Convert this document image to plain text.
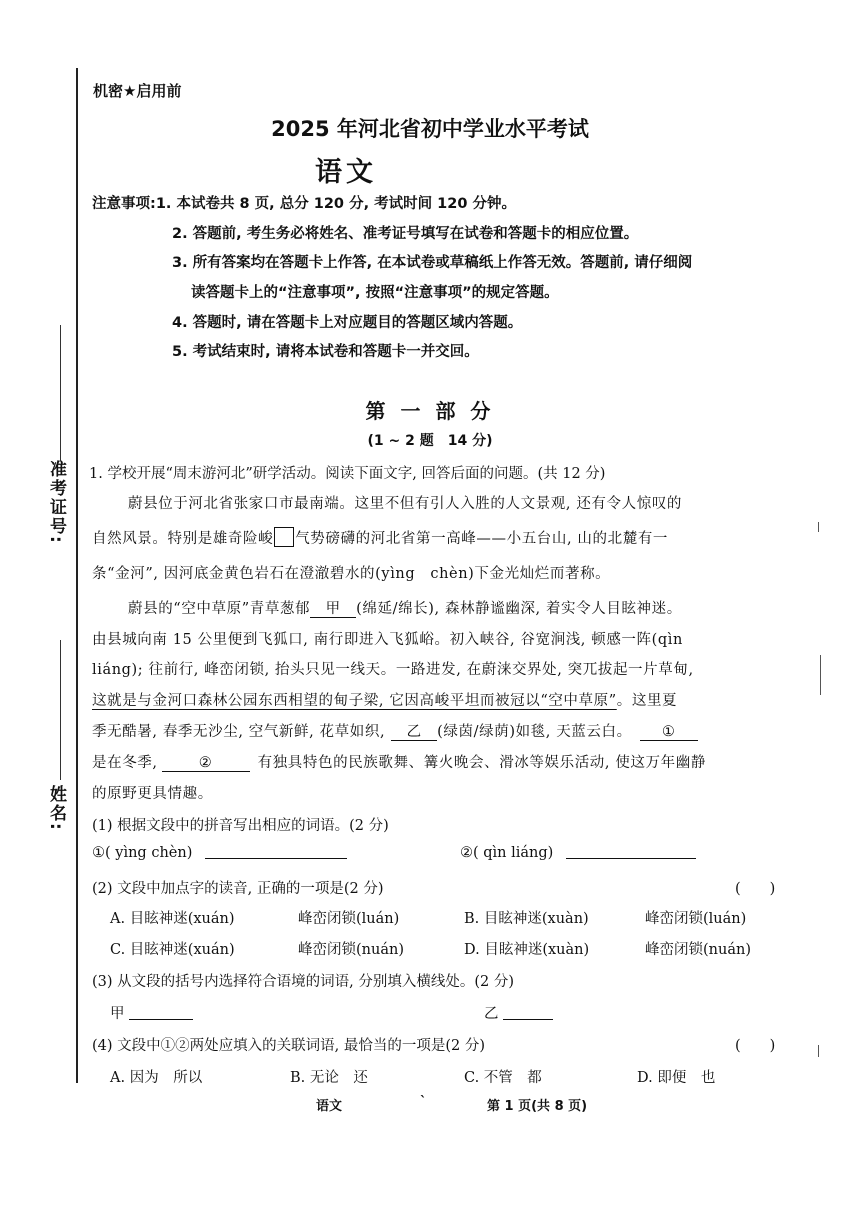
准考证号:
姓名:
机密★启用前
2025 年河北省初中学业水平考试
语文
注意事项:1. 本试卷共 8 页, 总分 120 分, 考试时间 120 分钟。
2. 答题前, 考生务必将姓名、准考证号填写在试卷和答题卡的相应位置。
3. 所有答案均在答题卡上作答, 在本试卷或草稿纸上作答无效。答题前, 请仔细阅
读答题卡上的“注意事项”, 按照“注意事项”的规定答题。
4. 答题时, 请在答题卡上对应题目的答题区域内答题。
5. 考试结束时, 请将本试卷和答题卡一并交回。
第 一 部 分
(1 ~ 2 题　14 分)
1. 学校开展“周末游河北”研学活动。阅读下面文字, 回答后面的问题。(共 12 分)
蔚县位于河北省张家口市最南端。这里不但有引人入胜的人文景观, 还有令人惊叹的
自然风景。特别是雄奇险峻 气势磅礴的河北省第一高峰——小五台山, 山的北麓有一
条“金河”, 因河底金黄色岩石在澄澈碧水的(yìng　chèn)下金光灿烂而著称。
蔚县的“空中草原”青草葱郁 甲 (绵延/绵长), 森林静谧幽深, 着实令人目眩神迷。
由县城向南 15 公里便到飞狐口, 南行即进入飞狐峪。初入峡谷, 谷宽涧浅, 顿感一阵(qìn
liáng); 往前行, 峰峦闭锁, 抬头只见一线天。一路进发, 在蔚涞交界处, 突兀拔起一片草甸,
这就是与金河口森林公园东西相望的甸子梁, 它因高峻平坦而被冠以“空中草原”。这里夏
季无酷暑, 春季无沙尘, 空气新鲜, 花草如织, 乙 (绿茵/绿荫)如毯, 天蓝云白。 ①
是在冬季,	②	有独具特色的民族歌舞、篝火晚会、滑冰等娱乐活动, 使这万年幽静
的原野更具情趣。
(1) 根据文段中的拼音写出相应的词语。(2 分)
①( yìng chèn)	②( qìn liáng)
(2) 文段中加点字的读音, 正确的一项是(2 分)	(　　)
A. 目眩神迷(xuán)	峰峦闭锁(luán)	B. 目眩神迷(xuàn)	峰峦闭锁(luán)
C. 目眩神迷(xuán)	峰峦闭锁(nuán)	D. 目眩神迷(xuàn)	峰峦闭锁(nuán)
(3) 从文段的括号内选择符合语境的词语, 分别填入横线处。(2 分)
甲	乙
(4) 文段中①②两处应填入的关联词语, 最恰当的一项是(2 分)	(　　)
A. 因为　所以	B. 无论　还	C. 不管　都	D. 即便　也
语文	`	第 1 页(共 8 页)
